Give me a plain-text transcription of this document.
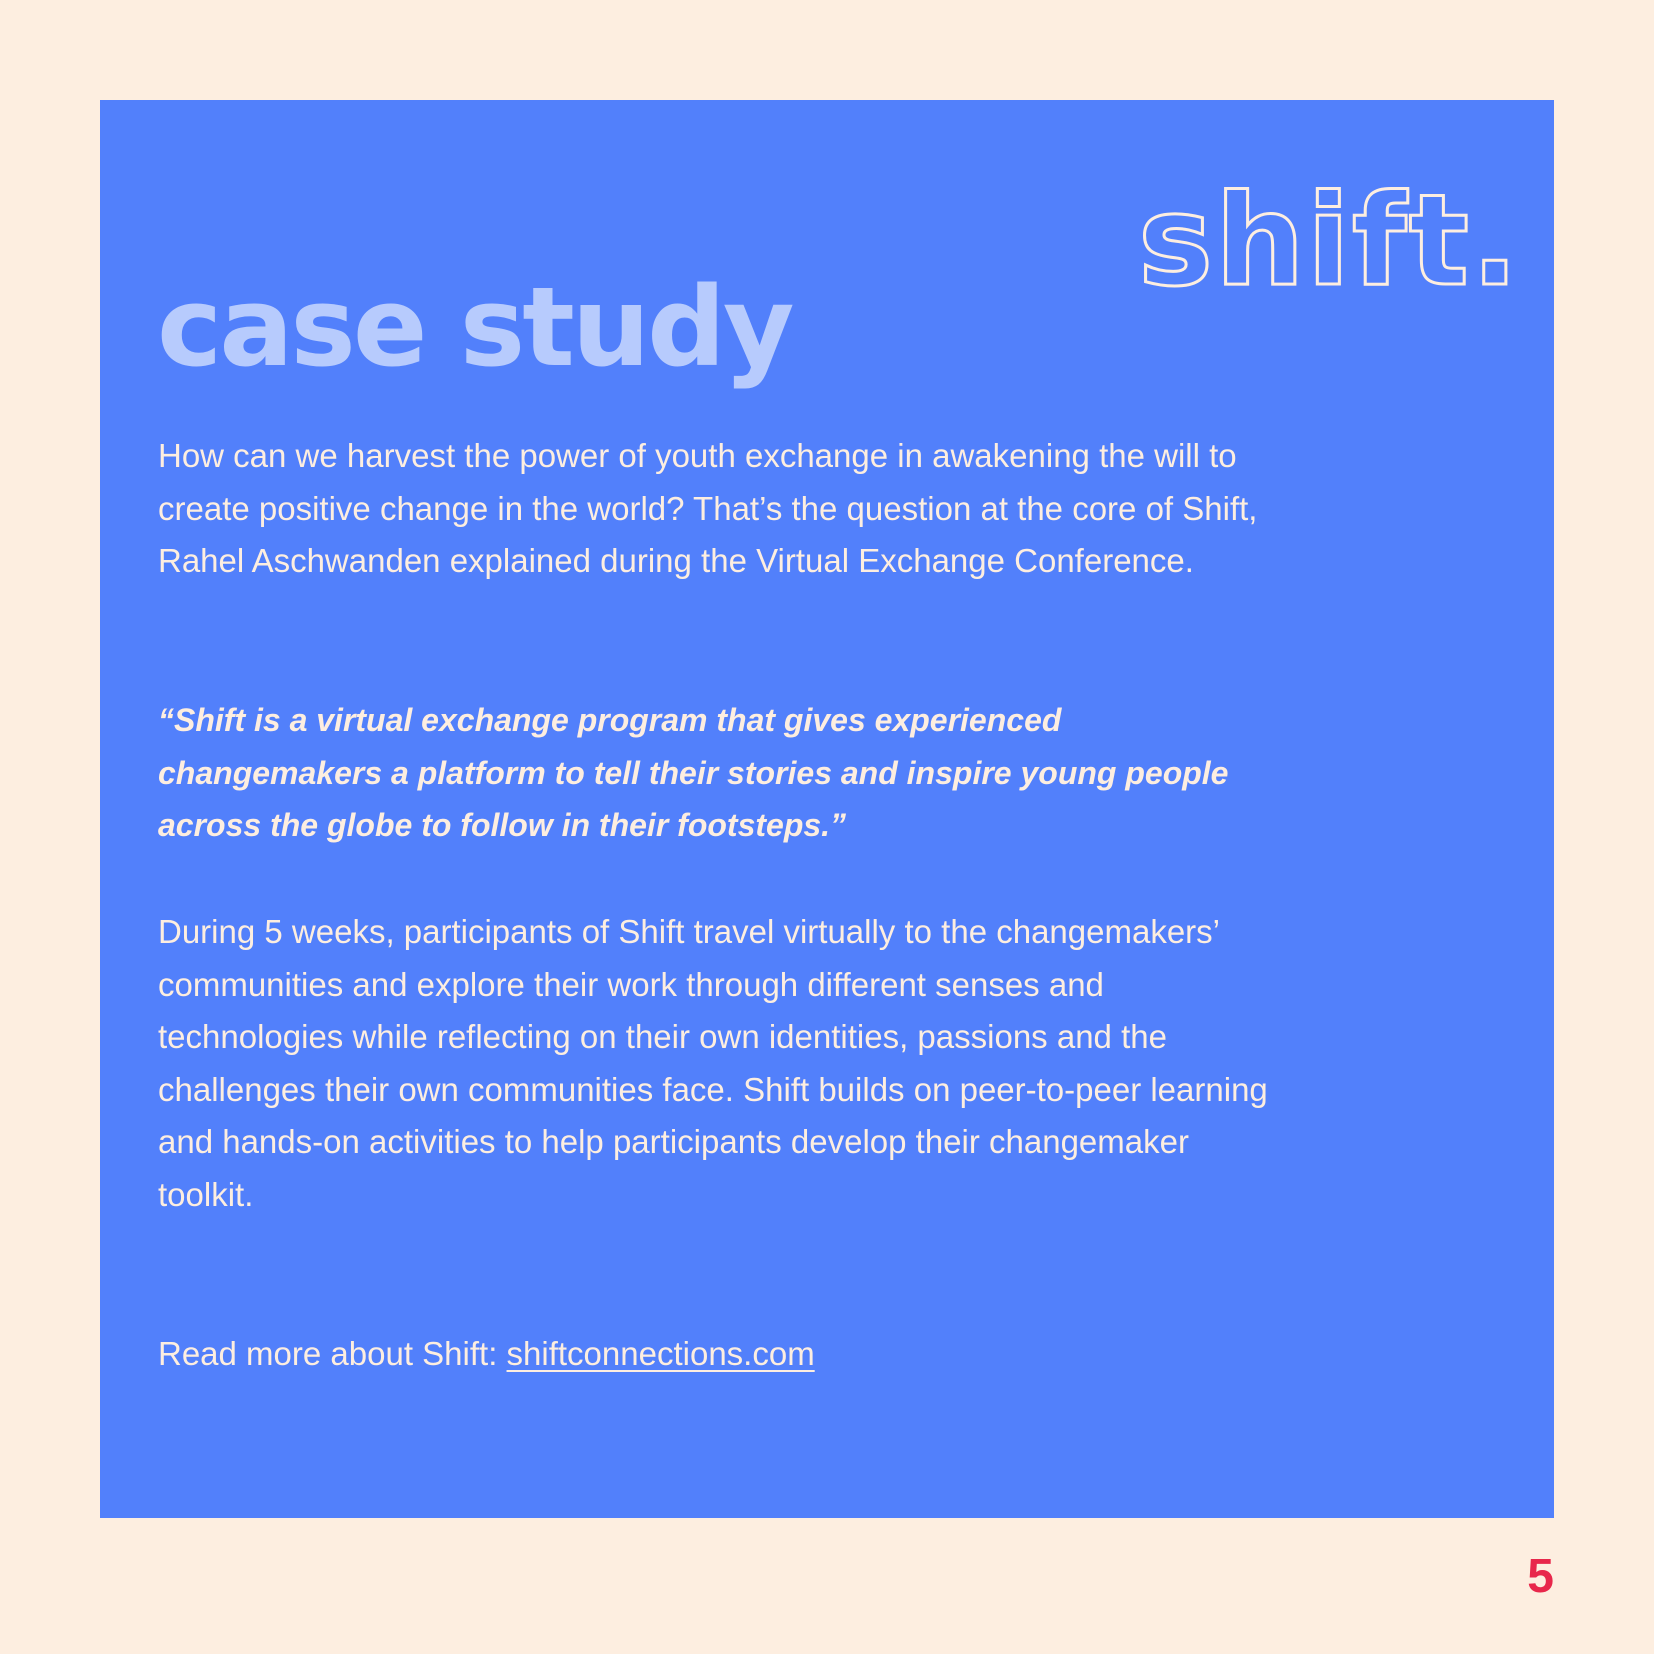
shift.
case study

How can we harvest the power of youth exchange in awakening the will to create positive change in the world? That’s the question at the core of Shift, Rahel Aschwanden explained during the Virtual Exchange Conference.

“Shift is a virtual exchange program that gives experienced changemakers a platform to tell their stories and inspire young people across the globe to follow in their footsteps.”

During 5 weeks, participants of Shift travel virtually to the changemakers’ communities and explore their work through different senses and technologies while reflecting on their own identities, passions and the challenges their own communities face. Shift builds on peer-to-peer learning and hands-on activities to help participants develop their changemaker toolkit.

Read more about Shift: shiftconnections.com

5
